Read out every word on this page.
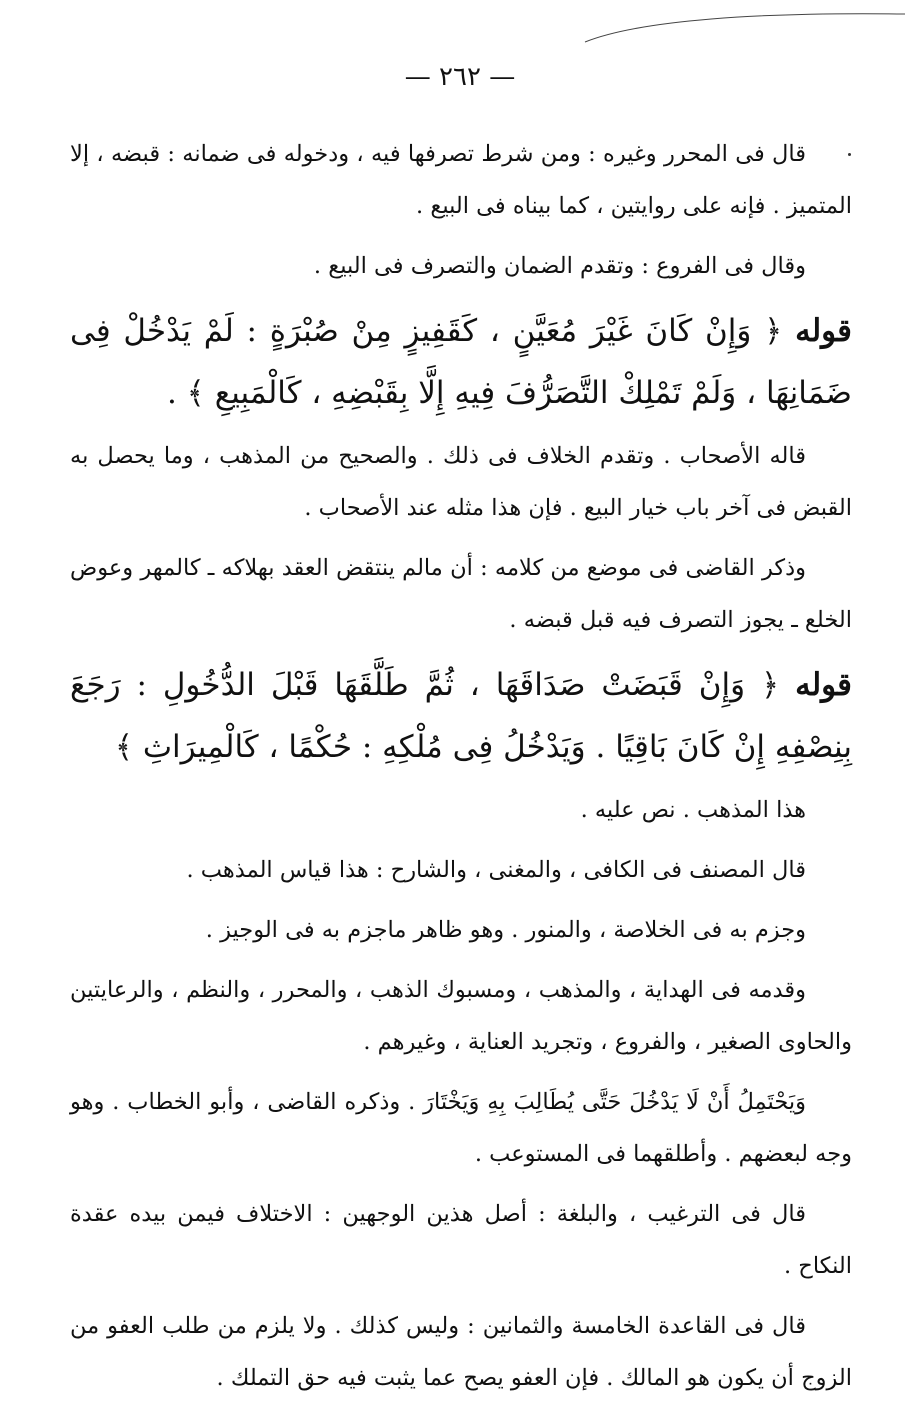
— ٢٦٢ —

قال فى المحرر وغيره : ومن شرط تصرفها فيه ، ودخوله فى ضمانه : قبضه ، إلا المتميز . فإنه على روايتين ، كما بيناه فى البيع .

وقال فى الفروع : وتقدم الضمان والتصرف فى البيع .

قوله ﴿ وَإِنْ كَانَ غَيْرَ مُعَيَّنٍ ، كَقَفِيزٍ مِنْ صُبْرَةٍ : لَمْ يَدْخُلْ فِى ضَمَانِهَا ، وَلَمْ تَمْلِكْ التَّصَرُّفَ فِيهِ إِلَّا بِقَبْضِهِ ، كَالْمَبِيعِ ﴾ .

قاله الأصحاب . وتقدم الخلاف فى ذلك . والصحيح من المذهب ، وما يحصل به القبض فى آخر باب خيار البيع . فإن هذا مثله عند الأصحاب .

وذكر القاضى فى موضع من كلامه : أن مالم ينتقض العقد بهلاكه ـ كالمهر وعوض الخلع ـ يجوز التصرف فيه قبل قبضه .

قوله ﴿ وَإِنْ قَبَضَتْ صَدَاقَهَا ، ثُمَّ طَلَّقَهَا قَبْلَ الدُّخُولِ : رَجَعَ بِنِصْفِهِ إِنْ كَانَ بَاقِيًا . وَيَدْخُلُ فِى مُلْكِهِ : حُكْمًا ، كَالْمِيرَاثِ ﴾

هذا المذهب . نص عليه .

قال المصنف فى الكافى ، والمغنى ، والشارح : هذا قياس المذهب .

وجزم به فى الخلاصة ، والمنور . وهو ظاهر ماجزم به فى الوجيز .

وقدمه فى الهداية ، والمذهب ، ومسبوك الذهب ، والمحرر ، والنظم ، والرعايتين والحاوى الصغير ، والفروع ، وتجريد العناية ، وغيرهم .

وَيَحْتَمِلُ أَنْ لَا يَدْخُلَ حَتَّى يُطَالِبَ بِهِ وَيَخْتَارَ . وذكره القاضى ، وأبو الخطاب . وهو وجه لبعضهم . وأطلقهما فى المستوعب .

قال فى الترغيب ، والبلغة : أصل هذين الوجهين : الاختلاف فيمن بيده عقدة النكاح .

قال فى القاعدة الخامسة والثمانين : وليس كذلك . ولا يلزم من طلب العفو من الزوج أن يكون هو المالك . فإن العفو يصح عما يثبت فيه حق التملك .
